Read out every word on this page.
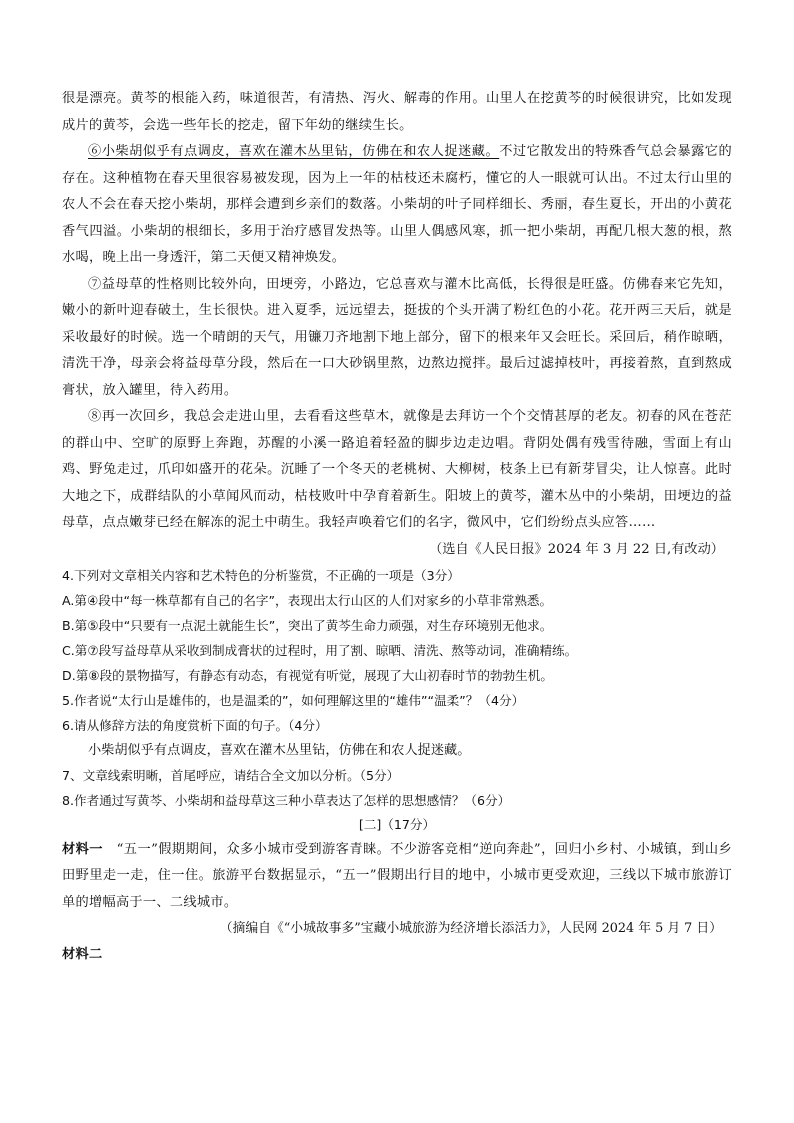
很是漂亮。黄芩的根能入药，味道很苦，有清热、泻火、解毒的作用。山里人在挖黄芩的时候很讲究，比如发现成片的黄芩，会选一些年长的挖走，留下年幼的继续生长。

⑥小柴胡似乎有点调皮，喜欢在灌木丛里钻，仿佛在和农人捉迷藏。不过它散发出的特殊香气总会暴露它的存在。这种植物在春天里很容易被发现，因为上一年的枯枝还未腐朽，懂它的人一眼就可认出。不过太行山里的农人不会在春天挖小柴胡，那样会遭到乡亲们的数落。小柴胡的叶子同样细长、秀丽，春生夏长，开出的小黄花香气四溢。小柴胡的根细长，多用于治疗感冒发热等。山里人偶感风寒，抓一把小柴胡，再配几根大葱的根，熬水喝，晚上出一身透汗，第二天便又精神焕发。

⑦益母草的性格则比较外向，田埂旁，小路边，它总喜欢与灌木比高低，长得很是旺盛。仿佛春来它先知，嫩小的新叶迎春破土，生长很快。进入夏季，远远望去，挺拔的个头开满了粉红色的小花。花开两三天后，就是采收最好的时候。选一个晴朗的天气，用镰刀齐地割下地上部分，留下的根来年又会旺长。采回后，稍作晾晒，清洗干净，母亲会将益母草分段，然后在一口大砂锅里熬，边熬边搅拌。最后过滤掉枝叶，再接着熬，直到熬成膏状，放入罐里，待入药用。

⑧再一次回乡，我总会走进山里，去看看这些草木，就像是去拜访一个个交情甚厚的老友。初春的风在苍茫的群山中、空旷的原野上奔跑，苏醒的小溪一路追着轻盈的脚步边走边唱。背阴处偶有残雪待融，雪面上有山鸡、野兔走过，爪印如盛开的花朵。沉睡了一个冬天的老桃树、大柳树，枝条上已有新芽冒尖，让人惊喜。此时大地之下，成群结队的小草闻风而动，枯枝败叶中孕育着新生。阳坡上的黄芩，灌木丛中的小柴胡，田埂边的益母草，点点嫩芽已经在解冻的泥土中萌生。我轻声唤着它们的名字，微风中，它们纷纷点头应答……

（选自《人民日报》2024 年 3 月 22 日,有改动）

4.下列对文章相关内容和艺术特色的分析鉴赏，不正确的一项是（3分）

A.第④段中“每一株草都有自己的名字”，表现出太行山区的人们对家乡的小草非常熟悉。

B.第⑤段中“只要有一点泥土就能生长”，突出了黄芩生命力顽强，对生存环境别无他求。

C.第⑦段写益母草从采收到制成膏状的过程时，用了割、晾晒、清洗、熬等动词，准确精练。

D.第⑧段的景物描写，有静态有动态，有视觉有听觉，展现了大山初春时节的勃勃生机。

5.作者说“太行山是雄伟的，也是温柔的”，如何理解这里的“雄伟”“温柔”？（4分）

6.请从修辞方法的角度赏析下面的句子。（4分）

小柴胡似乎有点调皮，喜欢在灌木丛里钻，仿佛在和农人捉迷藏。

7、文章线索明晰，首尾呼应，请结合全文加以分析。（5分）

8.作者通过写黄芩、小柴胡和益母草这三种小草表达了怎样的思想感情？（6分）

[二]（17分）

材料一　 “五一”假期期间，众多小城市受到游客青睐。不少游客竞相“逆向奔赴”，回归小乡村、小城镇，到山乡田野里走一走，住一住。旅游平台数据显示，“五一”假期出行目的地中，小城市更受欢迎，三线以下城市旅游订单的增幅高于一、二线城市。

（摘编自《“小城故事多”宝藏小城旅游为经济增长添活力》，人民网 2024 年 5 月 7 日）

材料二
